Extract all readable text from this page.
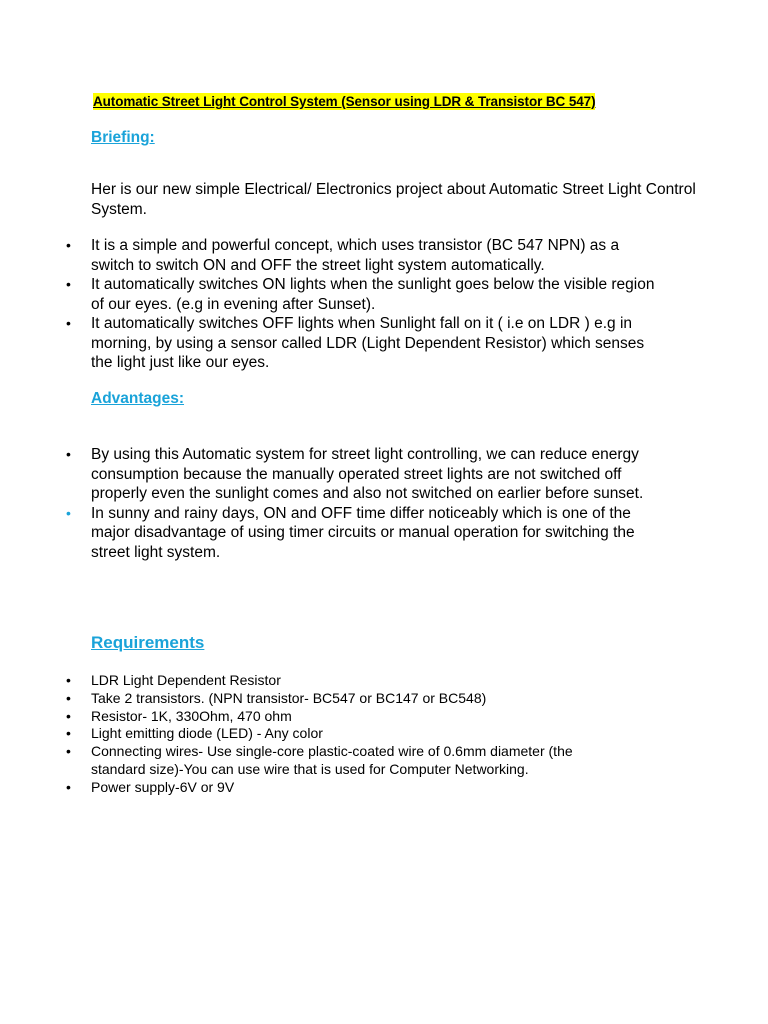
Automatic Street Light Control System (Sensor using LDR & Transistor BC 547)
Briefing:
Her is our new simple Electrical/ Electronics project about Automatic Street Light Control System.
• It is a simple and powerful concept, which uses transistor (BC 547 NPN) as a switch to switch ON and OFF the street light system automatically.
• It automatically switches ON lights when the sunlight goes below the visible region of our eyes. (e.g in evening after Sunset).
• It automatically switches OFF lights when Sunlight fall on it ( i.e on LDR ) e.g in morning, by using a sensor called LDR (Light Dependent Resistor) which senses the light just like our eyes.
Advantages:
• By using this Automatic system for street light controlling, we can reduce energy consumption because the manually operated street lights are not switched off properly even the sunlight comes and also not switched on earlier before sunset.
• In sunny and rainy days, ON and OFF time differ noticeably which is one of the major disadvantage of using timer circuits or manual operation for switching the street light system.
Requirements
• LDR Light Dependent Resistor
• Take 2 transistors. (NPN transistor- BC547 or BC147 or BC548)
• Resistor- 1K, 330Ohm, 470 ohm
• Light emitting diode (LED) - Any color
• Connecting wires- Use single-core plastic-coated wire of 0.6mm diameter (the standard size)-You can use wire that is used for Computer Networking.
• Power supply-6V or 9V
